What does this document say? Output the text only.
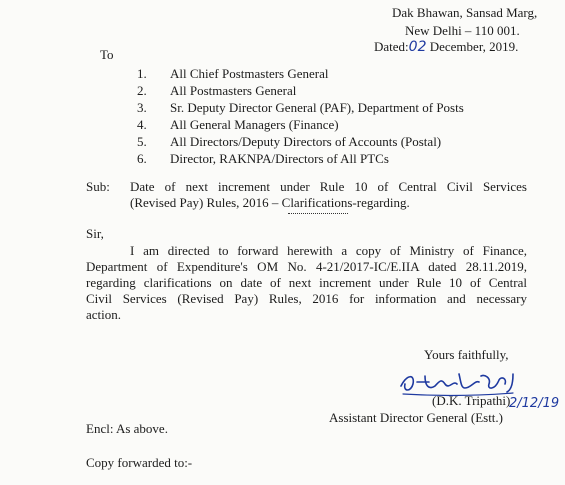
Dak Bhawan, Sansad Marg,
New Delhi – 110 001.
Dated:02 December, 2019.
To
1. All Chief Postmasters General
2. All Postmasters General
3. Sr. Deputy Director General (PAF), Department of Posts
4. All General Managers (Finance)
5. All Directors/Deputy Directors of Accounts (Postal)
6. Director, RAKNPA/Directors of All PTCs
Sub: Date of next increment under Rule 10 of Central Civil Services
(Revised Pay) Rules, 2016 – Clarifications-regarding.
Sir,
I am directed to forward herewith a copy of Ministry of Finance,
Department of Expenditure's OM No. 4-21/2017-IC/E.IIA dated 28.11.2019,
regarding clarifications on date of next increment under Rule 10 of Central
Civil Services (Revised Pay) Rules, 2016 for information and necessary
action.
Yours faithfully,
(D.K. Tripathi)
2/12/19
Assistant Director General (Estt.)
Encl: As above.
Copy forwarded to:-
